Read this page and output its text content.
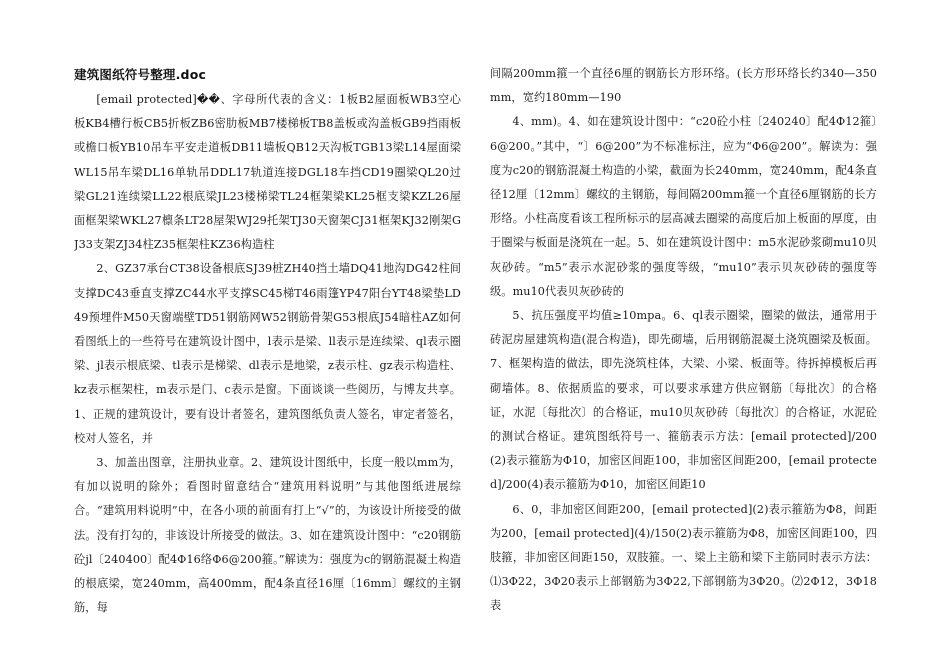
建筑图纸符号整理.doc

[email protected]��、字母所代表的含义：1板B2屋面板WB3空心板KB4槽行板CB5折板ZB6密肋板MB7楼梯板TB8盖板或沟盖板GB9挡雨板或檐口板YB10吊车平安走道板DB11墙板QB12天沟板TGB13梁L14屋面梁WL15吊车梁DL16单轨吊DDL17轨道连接DGL18车挡CD19圈梁QL20过梁GL21连续梁LL22根底梁JL23楼梯梁TL24框架梁KL25框支梁KZL26屋面框架梁WKL27檩条LT28屋架WJ29托架TJ30天窗架CJ31框架KJ32刚架GJ33支架ZJ34柱Z35框架柱KZ36构造柱

2、GZ37承台CT38设备根底SJ39桩ZH40挡土墙DQ41地沟DG42柱间支撑DC43垂直支撑ZC44水平支撑SC45梯T46雨篷YP47阳台YT48梁垫LD49预埋件M50天窗端壁TD51钢筋网W52钢筋骨架G53根底J54暗柱AZ如何看图纸上的一些符号在建筑设计图中，l表示是梁、ll表示是连续梁、ql表示圈梁、jl表示根底梁、tl表示是梯梁、dl表示是地梁，z表示柱、gz表示构造柱、kz表示框架柱，m表示是门、c表示是窗。下面谈谈一些阅历，与博友共享。1、正规的建筑设计，要有设计者签名，建筑图纸负责人签名，审定者签名，校对人签名，并

3、加盖出图章，注册执业章。2、建筑设计图纸中，长度一般以mm为，有加以说明的除外；看图时留意结合“建筑用料说明”与其他图纸进展综合。“建筑用料说明”中，在各小项的前面有打上“√”的，为该设计所接受的做法。没有打勾的，非该设计所接受的做法。3、如在建筑设计图中：“c20钢筋砼jl〔240400〕配4Φ16络Φ6@200箍。”解读为：强度为c的钢筋混凝土构造的根底梁，宽240mm，高400mm，配4条直径16厘〔16mm〕螺纹的主钢筋，每

间隔200mm箍一个直径6厘的钢筋长方形环络。(长方形环络长约340—350mm，宽约180mm—190

4、mm)。4、如在建筑设计图中：“c20砼小柱〔240240〕配4Φ12箍〕6@200。”其中，“〕6@200”为不标准标注，应为“Φ6@200”。解读为：强度为c20的钢筋混凝土构造的小梁，截面为长240mm，宽240mm，配4条直径12厘〔12mm〕螺纹的主钢筋，每间隔200mm箍一个直径6厘钢筋的长方形络。小柱高度看该工程所标示的层高减去圈梁的高度后加上板面的厚度，由于圈梁与板面是浇筑在一起。5、如在建筑设计图中：m5水泥砂浆砌mu10贝灰砂砖。“m5”表示水泥砂浆的强度等级，“mu10”表示贝灰砂砖的强度等级。mu10代表贝灰砂砖的

5、抗压强度平均值≥10mpa。6、ql表示圈梁，圈梁的做法，通常用于砖泥房屋建筑构造(混合构造)，即先砌墙，后用钢筋混凝土浇筑圈梁及板面。7、框架构造的做法，即先浇筑柱体，大梁、小梁、板面等。待拆掉模板后再砌墙体。8、依据质监的要求，可以要求承建方供应钢筋〔每批次〕的合格证，水泥〔每批次〕的合格证，mu10贝灰砂砖〔每批次〕的合格证，水泥砼的测试合格证。建筑图纸符号一、箍筋表示方法：[email protected]/200(2)表示箍筋为Φ10，加密区间距100，非加密区间距200，[email protected]/200(4)表示箍筋为Φ10，加密区间距10

6、0，非加密区间距200，[email protected](2)表示箍筋为Φ8，间距为200，[email protected](4)/150(2)表示箍筋为Φ8，加密区间距100，四肢箍，非加密区间距150，双肢箍。一、梁上主筋和梁下主筋同时表示方法：⑴3Φ22，3Φ20表示上部钢筋为3Φ22,下部钢筋为3Φ20。⑵2Φ12，3Φ18表
